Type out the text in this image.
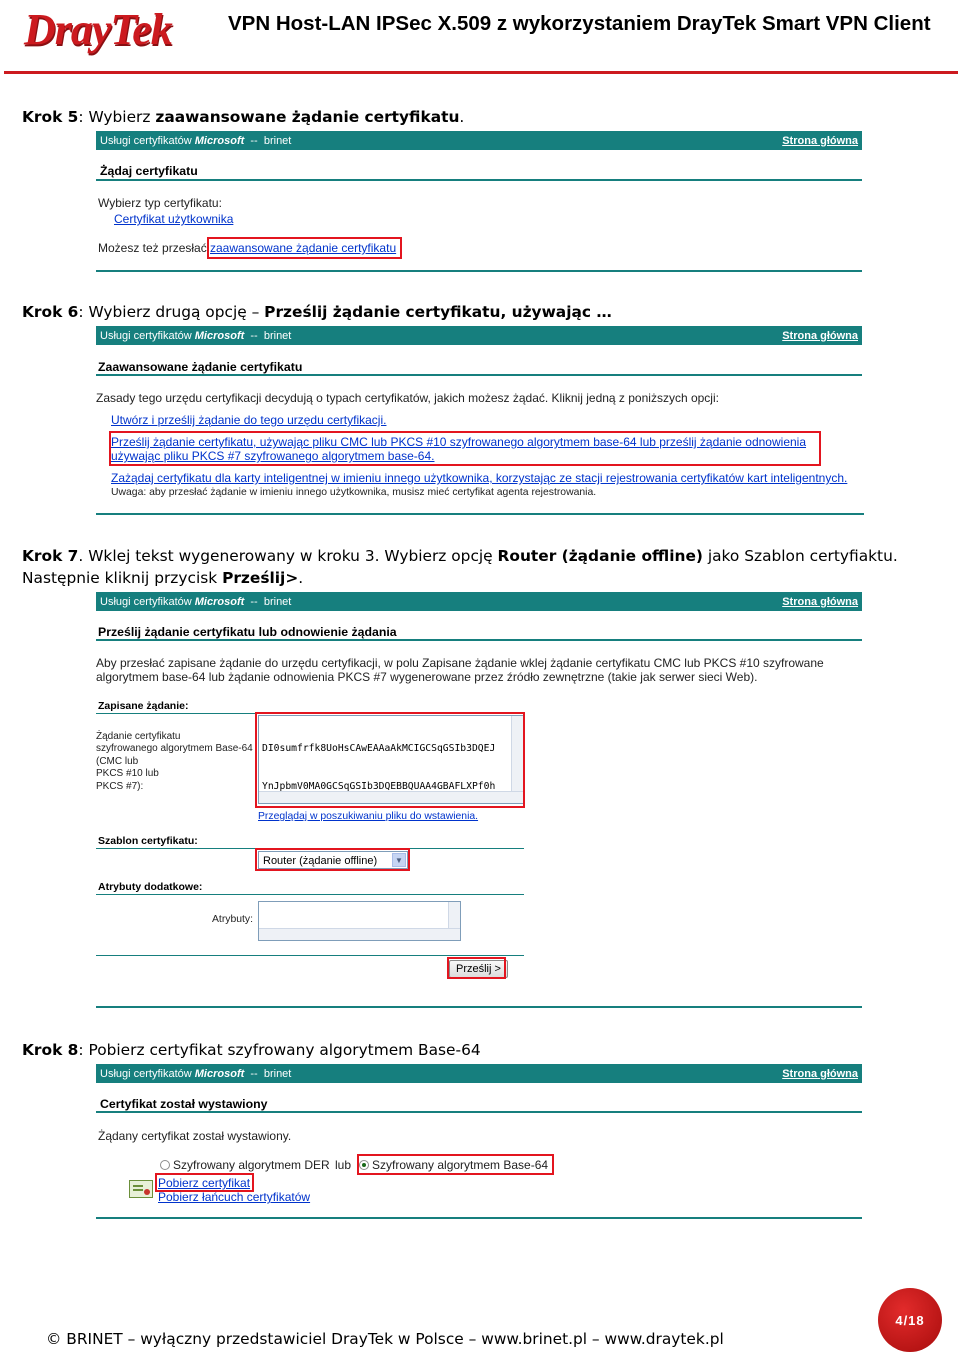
DrayTek	VPN Host-LAN IPSec X.509 z wykorzystaniem DrayTek Smart VPN Client
Krok 5: Wybierz zaawansowane żądanie certyfikatu.
Usługi certyfikatów Microsoft -- brinet	Strona główna
Żądaj certyfikatu
Wybierz typ certyfikatu:
Certyfikat użytkownika
Możesz też przesłać zaawansowane żądanie certyfikatu
Krok 6: Wybierz drugą opcję – Prześlij żądanie certyfikatu, używając …
Usługi certyfikatów Microsoft -- brinet	Strona główna
Zaawansowane żądanie certyfikatu
Zasady tego urzędu certyfikacji decydują o typach certyfikatów, jakich możesz żądać. Kliknij jedną z poniższych opcji:
Utwórz i prześlij żądanie do tego urzędu certyfikacji.
Prześlij żądanie certyfikatu, używając pliku CMC lub PKCS #10 szyfrowanego algorytmem base-64 lub prześlij żądanie odnowienia
używając pliku PKCS #7 szyfrowanego algorytmem base-64.
Zażądaj certyfikatu dla karty inteligentnej w imieniu innego użytkownika, korzystając ze stacji rejestrowania certyfikatów kart inteligentnych.
Uwaga: aby przesłać żądanie w imieniu innego użytkownika, musisz mieć certyfikat agenta rejestrowania.
Krok 7. Wklej tekst wygenerowany w kroku 3. Wybierz opcję Router (żądanie offline) jako Szablon certyfiaktu.
Następnie kliknij przycisk Prześlij>.
Usługi certyfikatów Microsoft -- brinet	Strona główna
Prześlij żądanie certyfikatu lub odnowienie żądania
Aby przesłać zapisane żądanie do urzędu certyfikacji, w polu Zapisane żądanie wklej żądanie certyfikatu CMC lub PKCS #10 szyfrowane
algorytmem base-64 lub żądanie odnowienia PKCS #7 wygenerowane przez źródło zewnętrzne (takie jak serwer sieci Web).
Zapisane żądanie:
Żądanie certyfikatu
szyfrowanego algorytmem Base-64
(CMC lub
PKCS #10 lub
PKCS #7):

DI0sumfrfk8UoHsCAwEAAaAkMCIGCSqGSIb3DQEJ

YnJpbmV0MA0GCSqGSIb3DQEBBQUAA4GBAFLXPf0h

Przeglądaj w poszukiwaniu pliku do wstawienia.
Szablon certyfikatu:
Router (żądanie offline)	▼
Atrybuty dodatkowe:
Atrybuty:

Prześlij >
Krok 8: Pobierz certyfikat szyfrowany algorytmem Base-64
Usługi certyfikatów Microsoft -- brinet	Strona główna
Certyfikat został wystawiony
Żądany certyfikat został wystawiony.
Szyfrowany algorytmem DER lub	Szyfrowany algorytmem Base-64
Pobierz certyfikat
Pobierz łańcuch certyfikatów
© BRINET – wyłączny przedstawiciel DrayTek w Polsce – www.brinet.pl – www.draytek.pl
4/18
